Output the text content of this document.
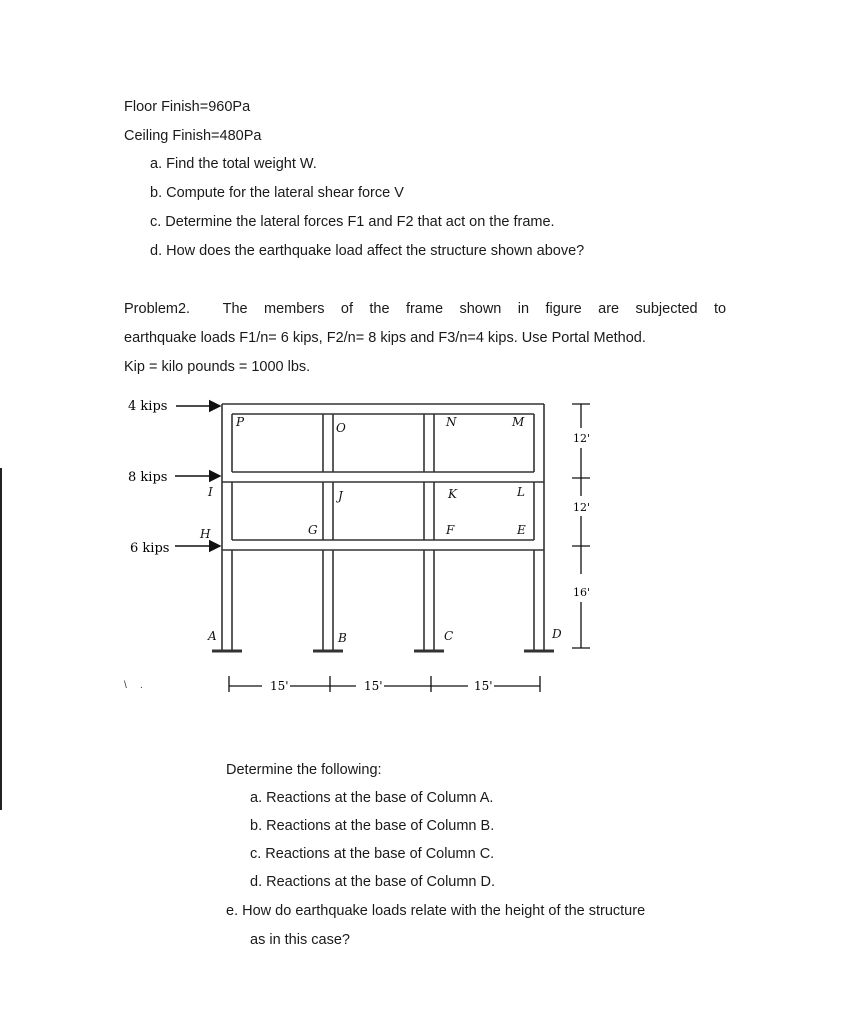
Floor Finish=960Pa
Ceiling Finish=480Pa
a. Find the total weight W.
b. Compute for the lateral shear force V
c. Determine the lateral forces F1 and F2 that act on the frame.
d. How does the earthquake load affect the structure shown above?
Problem2. The members of the frame shown in figure are subjected to
earthquake loads F1/n= 6 kips, F2/n= 8 kips and F3/n=4 kips. Use Portal Method.
Kip = kilo pounds = 1000 lbs.
4 kips
8 kips
6 kips
P	O	N	M
I	J	K	L
H	G	F	E
A	B	C	D
15'	15'	15'
12'
12'
16'
Determine the following:
a. Reactions at the base of Column A.
b. Reactions at the base of Column B.
c. Reactions at the base of Column C.
d. Reactions at the base of Column D.
e. How do earthquake loads relate with the height of the structure
as in this case?
\ .
